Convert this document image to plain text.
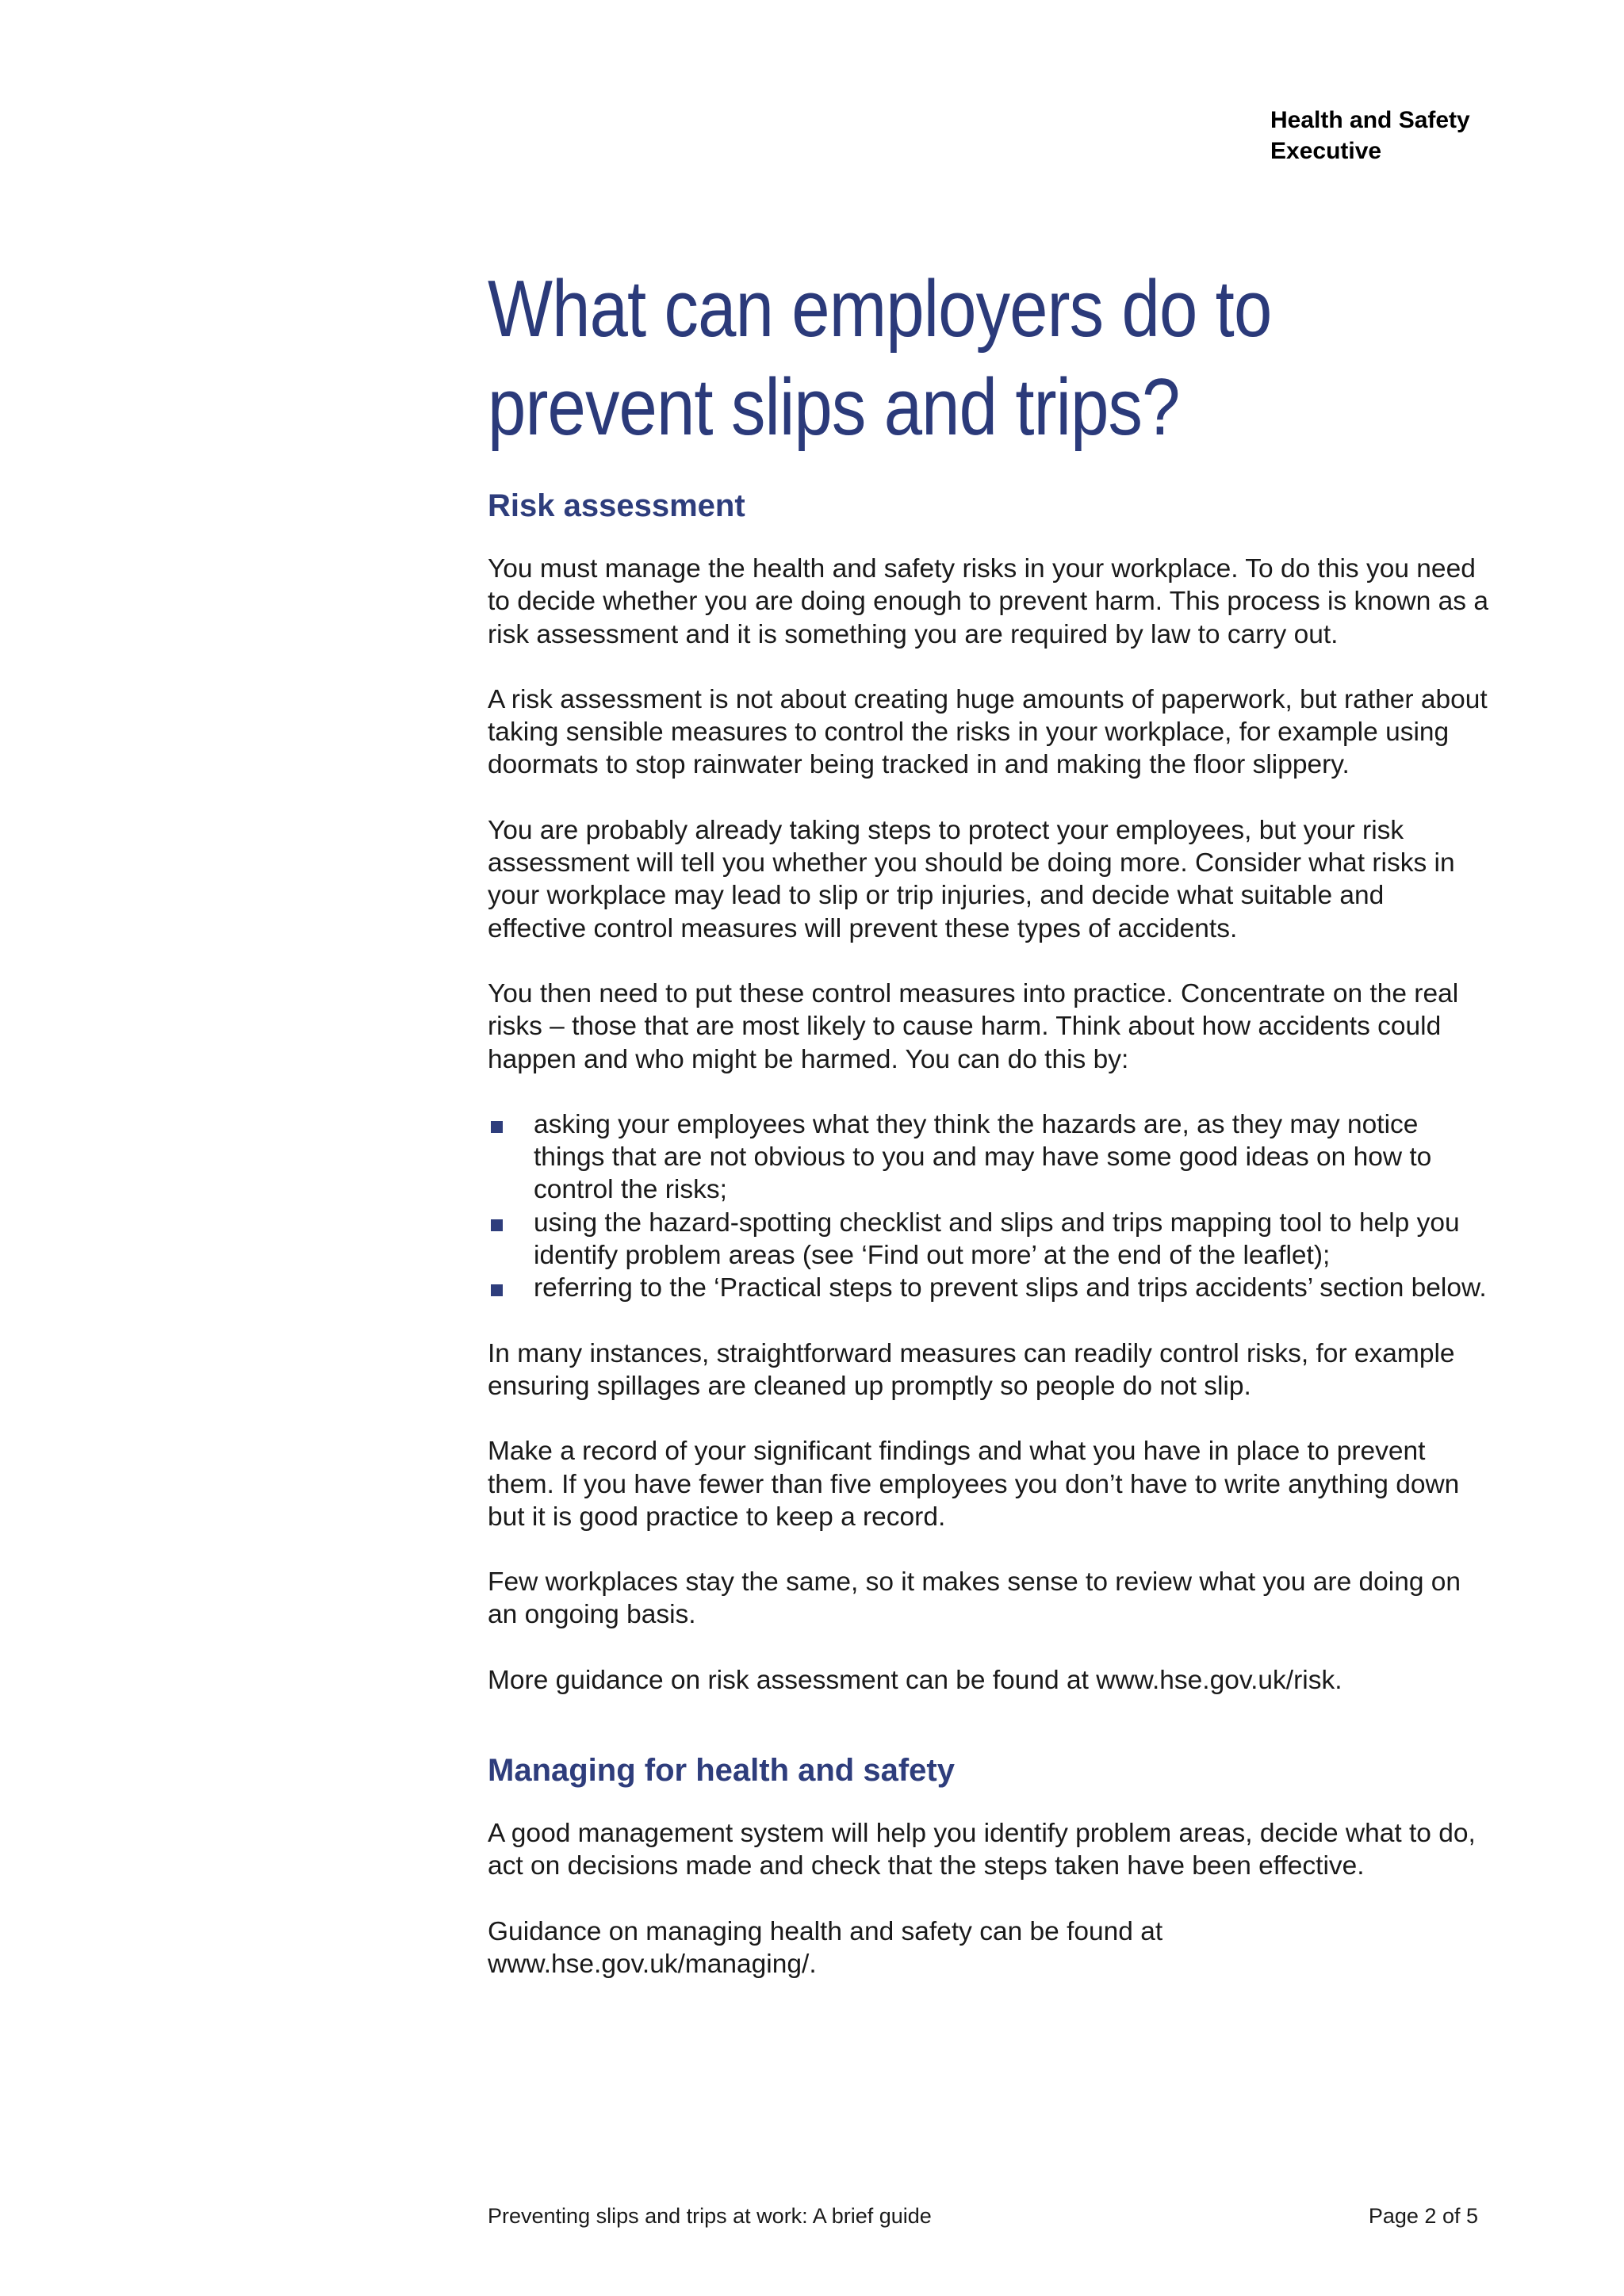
Health and Safety
Executive
What can employers do to
prevent slips and trips?
Risk assessment

You must manage the health and safety risks in your workplace. To do this you need to decide whether you are doing enough to prevent harm. This process is known as a risk assessment and it is something you are required by law to carry out.

A risk assessment is not about creating huge amounts of paperwork, but rather about taking sensible measures to control the risks in your workplace, for example using doormats to stop rainwater being tracked in and making the floor slippery.

You are probably already taking steps to protect your employees, but your risk assessment will tell you whether you should be doing more. Consider what risks in your workplace may lead to slip or trip injuries, and decide what suitable and effective control measures will prevent these types of accidents.

You then need to put these control measures into practice. Concentrate on the real risks – those that are most likely to cause harm. Think about how accidents could happen and who might be harmed. You can do this by:

asking your employees what they think the hazards are, as they may notice things that are not obvious to you and may have some good ideas on how to control the risks;
using the hazard-spotting checklist and slips and trips mapping tool to help you identify problem areas (see ‘Find out more’ at the end of the leaflet);
referring to the ‘Practical steps to prevent slips and trips accidents’ section below.

In many instances, straightforward measures can readily control risks, for example ensuring spillages are cleaned up promptly so people do not slip.

Make a record of your significant findings and what you have in place to prevent them. If you have fewer than five employees you don’t have to write anything down but it is good practice to keep a record.

Few workplaces stay the same, so it makes sense to review what you are doing on an ongoing basis.

More guidance on risk assessment can be found at www.hse.gov.uk/risk.

Managing for health and safety

A good management system will help you identify problem areas, decide what to do, act on decisions made and check that the steps taken have been effective.

Guidance on managing health and safety can be found at www.hse.gov.uk/managing/.

Preventing slips and trips at work: A brief guide	Page 2 of 5
